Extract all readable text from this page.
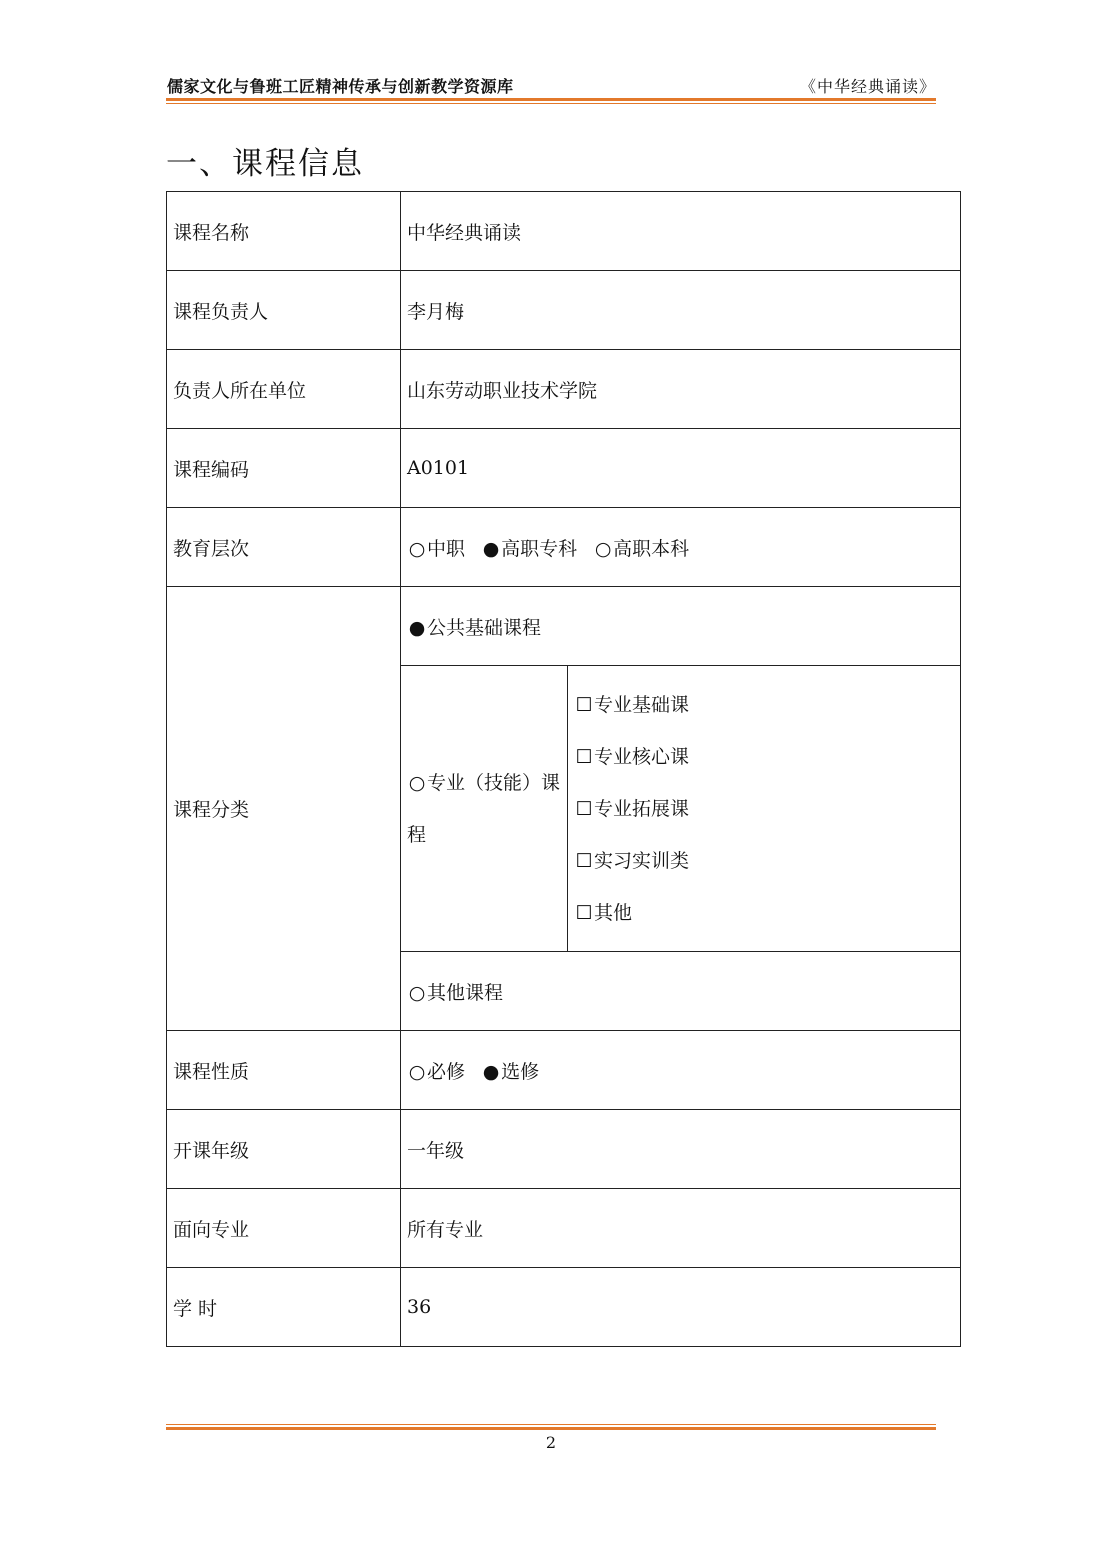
儒家文化与鲁班工匠精神传承与创新教学资源库	《中华经典诵读》
一、课程信息
课程名称	中华经典诵读	
课程负责人	李月梅	
负责人所在单位	山东劳动职业技术学院	
课程编码	A0101	
教育层次	○中职 ●高职专科 ○高职本科	
课程分类	●公共基础课程	
	○专业（技能）课程	☐专业基础课
☐专业核心课
☐专业拓展课
☐实习实训类
☐其他

	○其他课程	
课程性质	○必修 ●选修	
开课年级	一年级	
面向专业	所有专业	
学 时	36	
2
